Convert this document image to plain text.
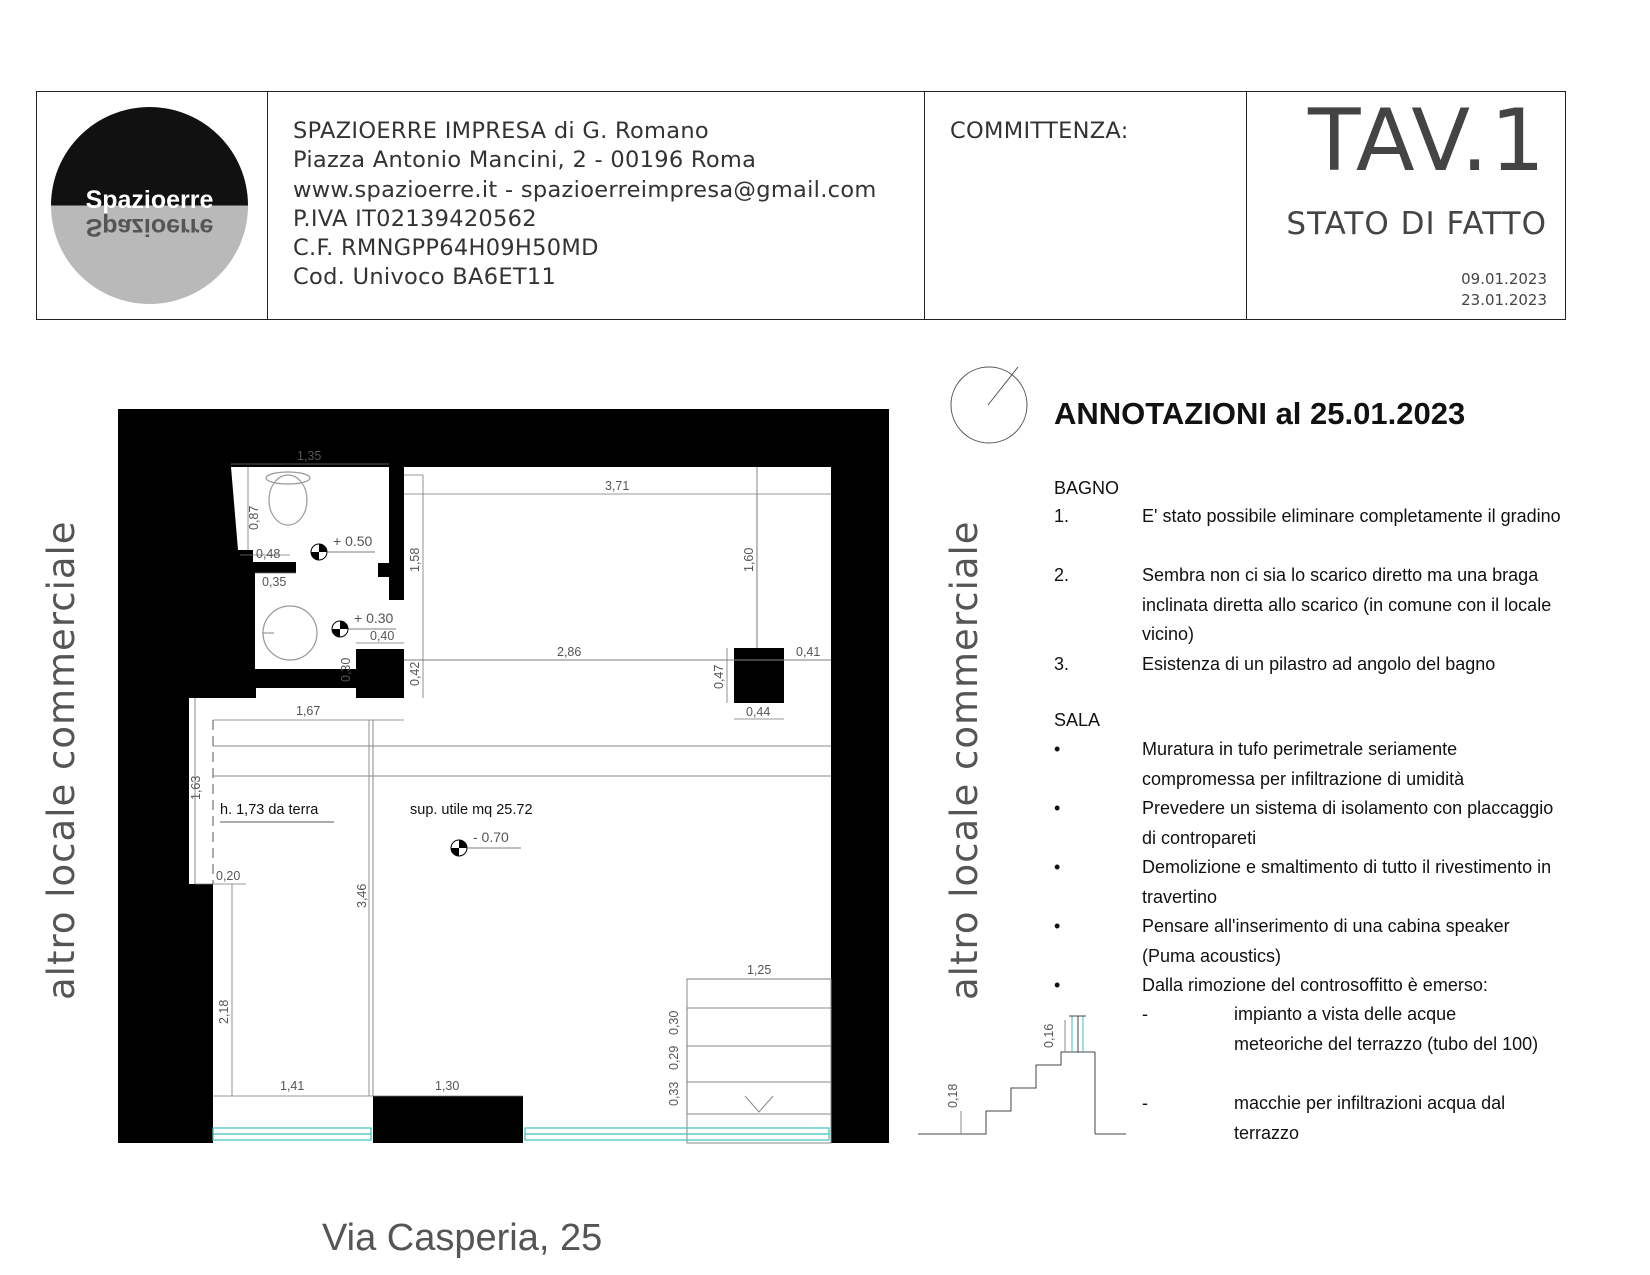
Spazioerre
Spazioerre
SPAZIOERRE IMPRESA di G. Romano
Piazza Antonio Mancini, 2 - 00196 Roma
www.spazioerre.it - spazioerreimpresa@gmail.com
P.IVA IT02139420562
C.F. RMNGPP64H09H50MD
Cod. Univoco BA6ET11
COMMITTENZA: TAV.1
STATO DI FATTO
09.01.2023
23.01.2023
+ 0.50
+ 0.30
- 0.70
h. 1,73 da terra	sup. utile mq 25.72
1,35
3,71
0,87
0,48	1,58	1,60
0,35
0,40
0,30	0,42
2,86
0,47
0,41
0,44
1,67
1,63
0,20
3,46
1,25
2,18	0,30
0,29
0,33
1,41	1,30
altro locale commerciale	altro locale commerciale
Via Casperia, 25
0,18
0,16
ANNOTAZIONI al 25.01.2023
BAGNO
1.	E' stato possibile eliminare completamente il gradino
2.	Sembra non ci sia lo scarico diretto ma una braga inclinata diretta allo scarico (in comune con il locale vicino)
3.	Esistenza di un pilastro ad angolo del bagno
SALA
•	Muratura in tufo perimetrale seriamente compromessa per infiltrazione di umidità
•	Prevedere un sistema di isolamento con placcaggio di contropareti
•	Demolizione e smaltimento di tutto il rivestimento in travertino
•	Pensare all'inserimento di una cabina speaker (Puma acoustics)
•	Dalla rimozione del controsoffitto è emerso:
-	impianto a vista delle acque meteoriche del terrazzo (tubo del 100)
-	macchie per infiltrazioni acqua dal terrazzo
